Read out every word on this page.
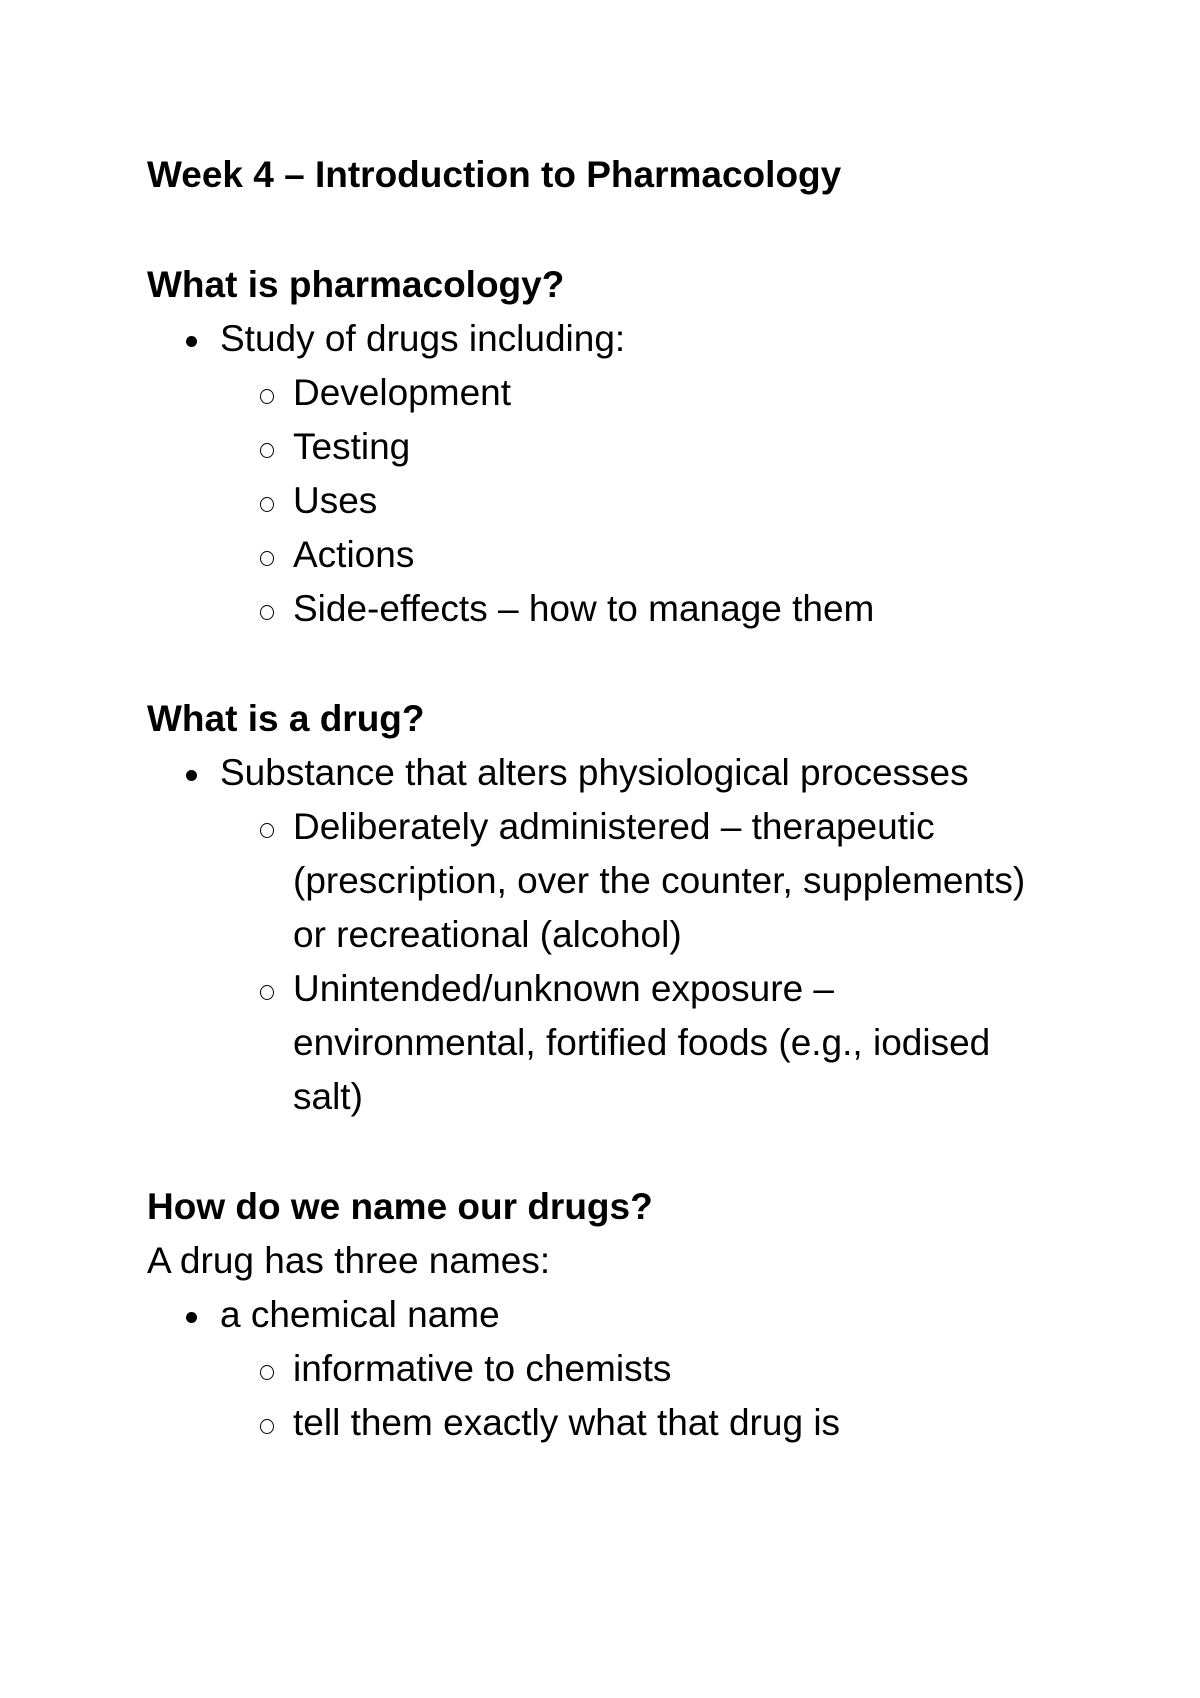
Week 4 – Introduction to Pharmacology
What is pharmacology?
Study of drugs including:
Development
Testing
Uses
Actions
Side-effects – how to manage them
What is a drug?
Substance that alters physiological processes
Deliberately administered – therapeutic (prescription, over the counter, supplements) or recreational (alcohol)
Unintended/unknown exposure – environmental, fortified foods (e.g., iodised salt)
How do we name our drugs?

A drug has three names:

a chemical name
informative to chemists
tell them exactly what that drug is
